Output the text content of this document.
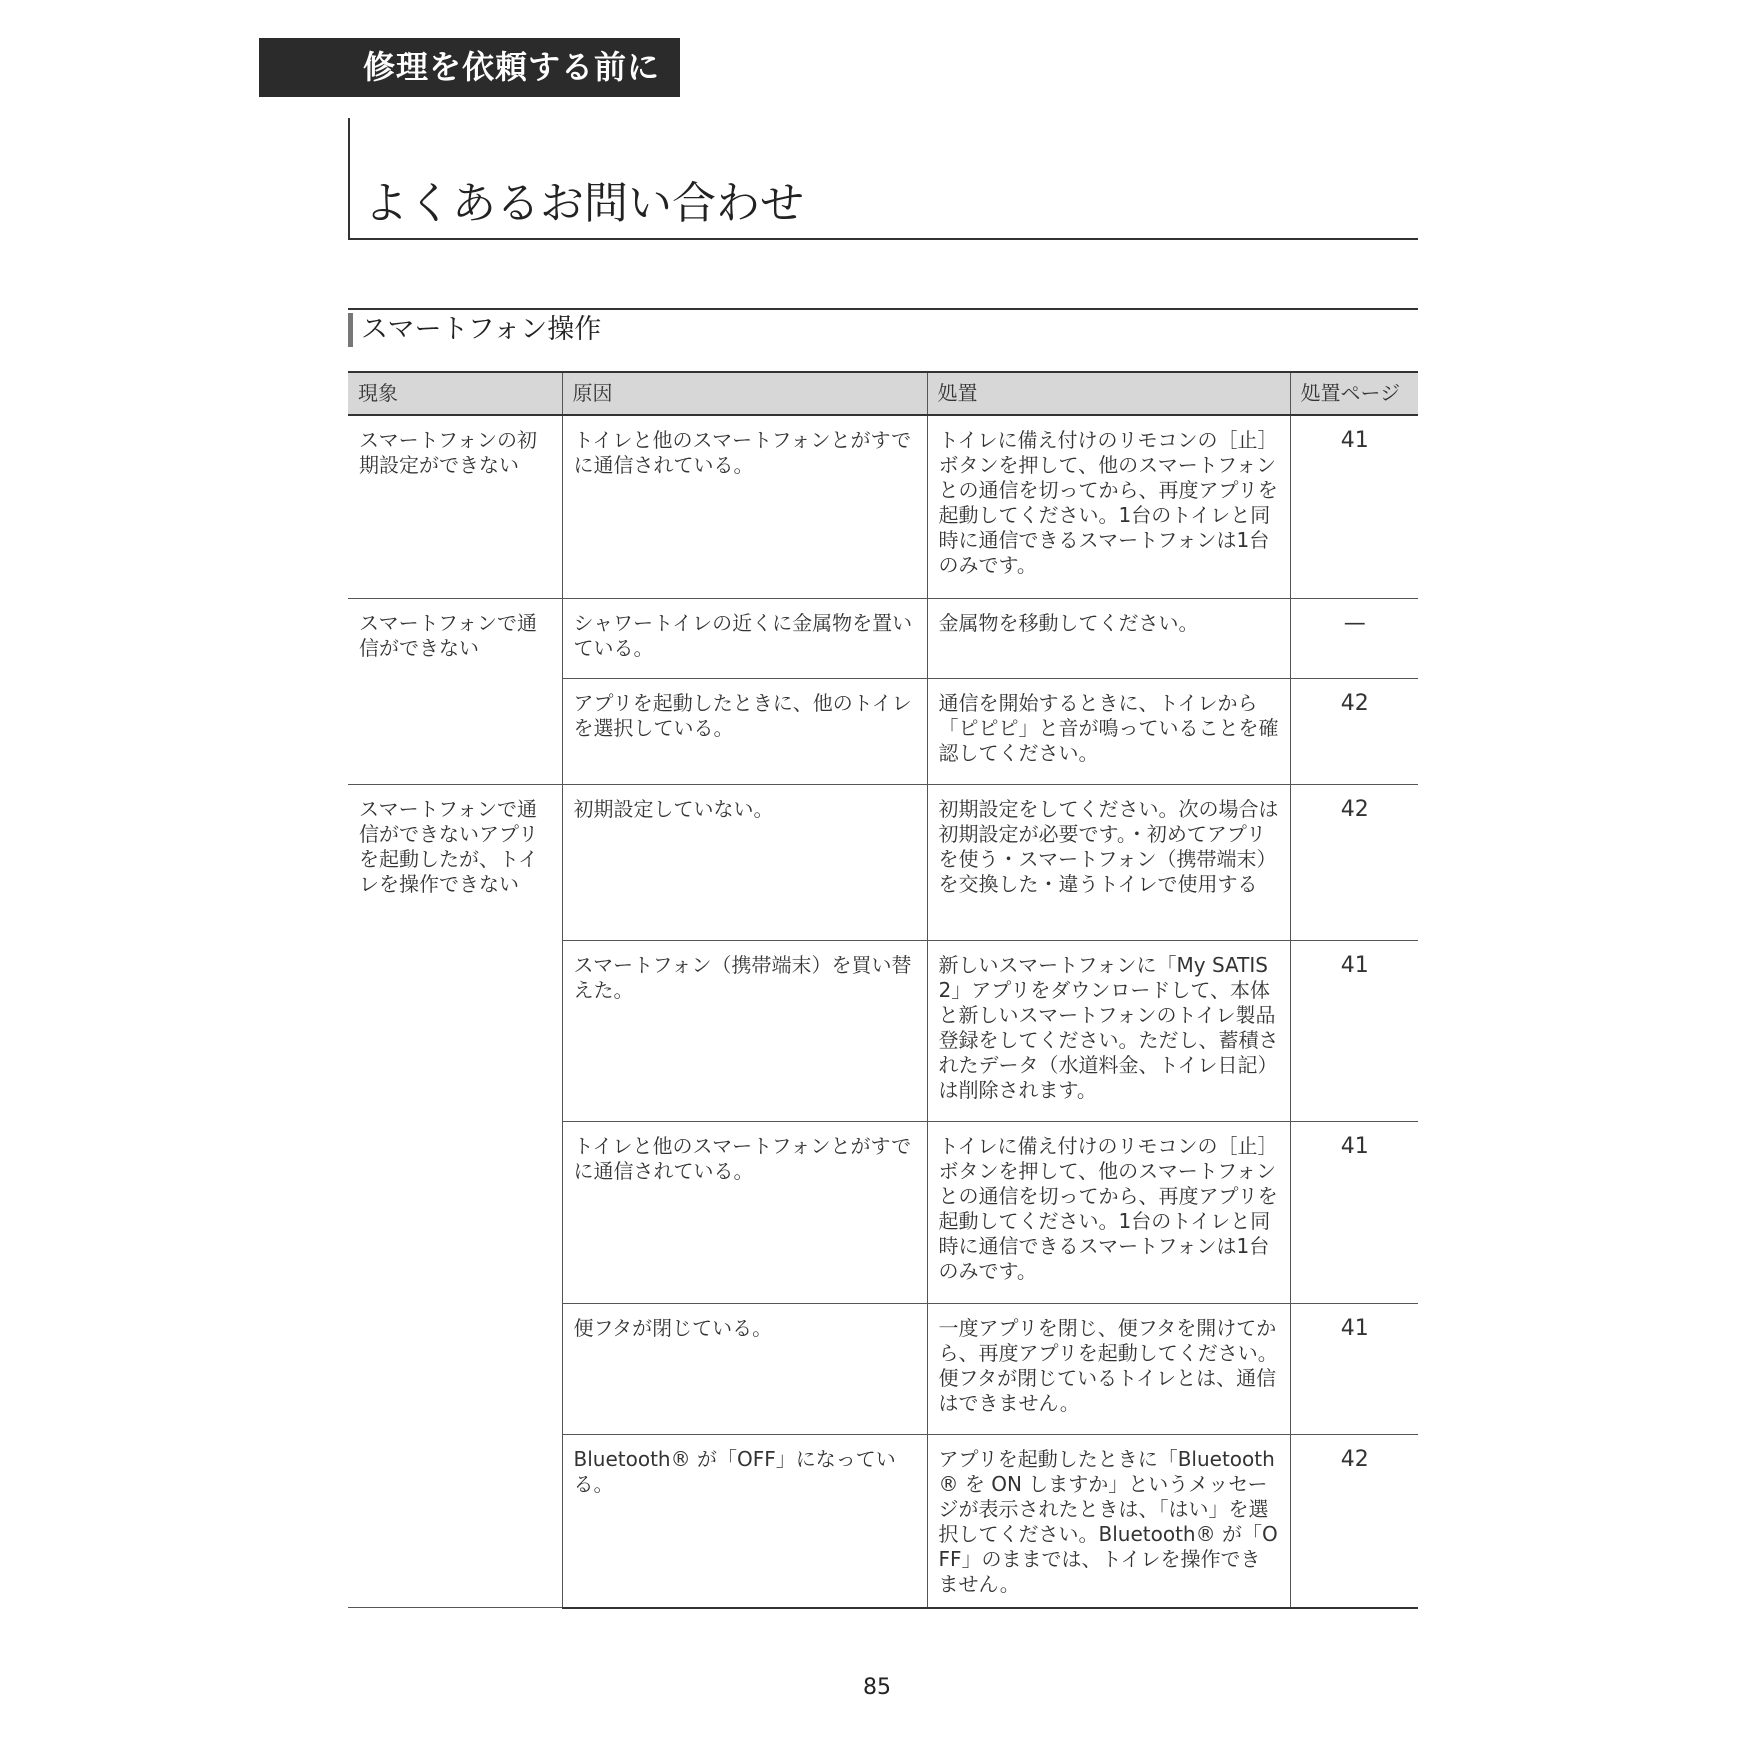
修理を依頼する前に
よくあるお問い合わせ
スマートフォン操作
現象	原因	処置	処置ページ
スマートフォンの初期設定ができない	トイレと他のスマートフォンとがすでに通信されている。	トイレに備え付けのリモコンの［止］ボタンを押して、他のスマートフォンとの通信を切ってから、再度アプリを起動してください。1台のトイレと同時に通信できるスマートフォンは1台のみです。	41
スマートフォンで通信ができない	シャワートイレの近くに金属物を置いている。	金属物を移動してください。	—
	アプリを起動したときに、他のトイレを選択している。	通信を開始するときに、トイレから「ピピピ」と音が鳴っていることを確認してください。	42
スマートフォンで通信ができないアプリを起動したが、トイレを操作できない	初期設定していない。	初期設定をしてください。次の場合は初期設定が必要です。・初めてアプリを使う・スマートフォン（携帯端末）を交換した・違うトイレで使用する	42
	スマートフォン（携帯端末）を買い替えた。	新しいスマートフォンに「My SATIS 2」アプリをダウンロードして、本体と新しいスマートフォンのトイレ製品登録をしてください。ただし、蓄積されたデータ（水道料金、トイレ日記）は削除されます。	41
	トイレと他のスマートフォンとがすでに通信されている。	トイレに備え付けのリモコンの［止］ボタンを押して、他のスマートフォンとの通信を切ってから、再度アプリを起動してください。1台のトイレと同時に通信できるスマートフォンは1台のみです。	41
	便フタが閉じている。	一度アプリを閉じ、便フタを開けてから、再度アプリを起動してください。便フタが閉じているトイレとは、通信はできません。	41
	Bluetooth® が「OFF」になっている。	アプリを起動したときに「Bluetooth® を ON しますか」というメッセージが表示されたときは、「はい」を選択してください。Bluetooth® が「OFF」のままでは、トイレを操作できません。	42
85
